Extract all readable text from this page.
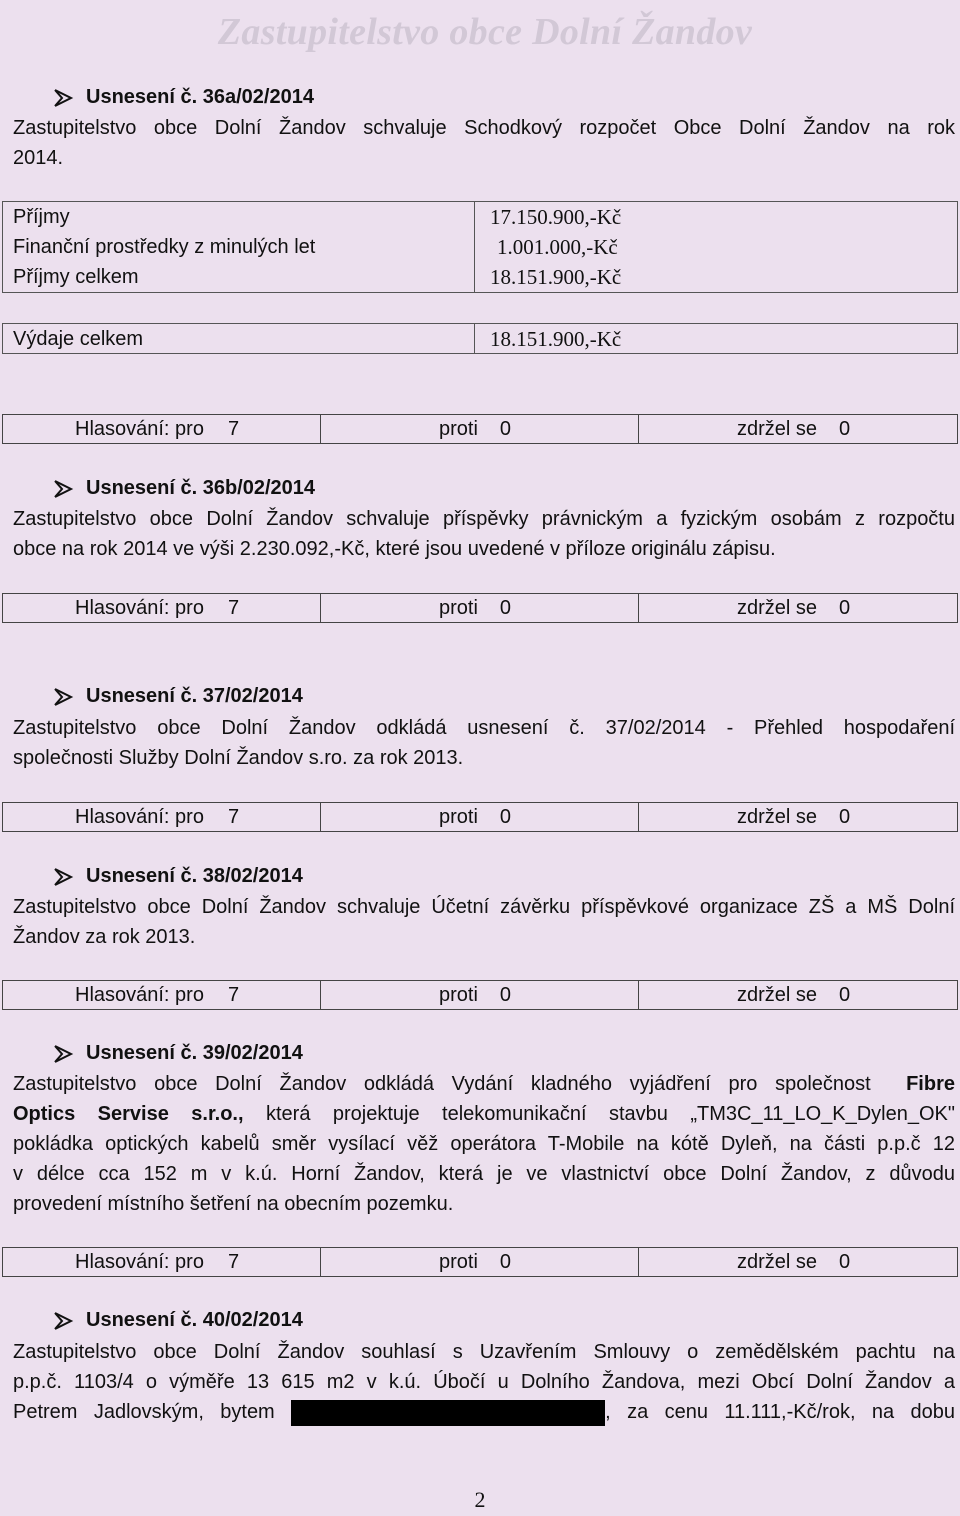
Zastupitelstvo obce Dolní Žandov
Usnesení č. 36a/02/2014
Zastupitelstvo obce Dolní Žandov schvaluje Schodkový rozpočet Obce Dolní Žandov na rok
2014.
Příjmy	17.150.900,-Kč
Finanční prostředky z minulých let	1.001.000,-Kč
Příjmy celkem	18.151.900,-Kč
Výdaje celkem	18.151.900,-Kč
Hlasování: pro 7	proti 0	zdržel se 0
Usnesení č. 36b/02/2014
Zastupitelstvo obce Dolní Žandov schvaluje příspěvky právnickým a fyzickým osobám z rozpočtu
obce na rok 2014 ve výši 2.230.092,-Kč, které jsou uvedené v příloze originálu zápisu.
Hlasování: pro 7	proti 0	zdržel se 0
Usnesení č. 37/02/2014
Zastupitelstvo obce Dolní Žandov odkládá usnesení č. 37/02/2014 - Přehled hospodaření
společnosti Služby Dolní Žandov s.ro. za rok 2013.
Hlasování: pro 7	proti 0	zdržel se 0
Usnesení č. 38/02/2014
Zastupitelstvo obce Dolní Žandov schvaluje Účetní závěrku příspěvkové organizace ZŠ a MŠ Dolní
Žandov za rok 2013.
Hlasování: pro 7	proti 0	zdržel se 0
Usnesení č. 39/02/2014
Zastupitelstvo obce Dolní Žandov odkládá Vydání kladného vyjádření pro společnost Fibre
Optics Servise s.r.o., která projektuje telekomunikační stavbu „TM3C_11_LO_K_Dylen_OK"
pokládka optických kabelů směr vysílací věž operátora T-Mobile na kótě Dyleň, na části p.p.č 12
v délce cca 152 m v k.ú. Horní Žandov, která je ve vlastnictví obce Dolní Žandov, z důvodu
provedení místního šetření na obecním pozemku.
Hlasování: pro 7	proti 0	zdržel se 0
Usnesení č. 40/02/2014
Zastupitelstvo obce Dolní Žandov souhlasí s Uzavřením Smlouvy o zemědělském pachtu na
p.p.č. 1103/4 o výměře 13 615 m2 v k.ú. Úbočí u Dolního Žandova, mezi Obcí Dolní Žandov a
Petrem Jadlovským, bytem	, za cenu 11.111,-Kč/rok, na dobu
2
